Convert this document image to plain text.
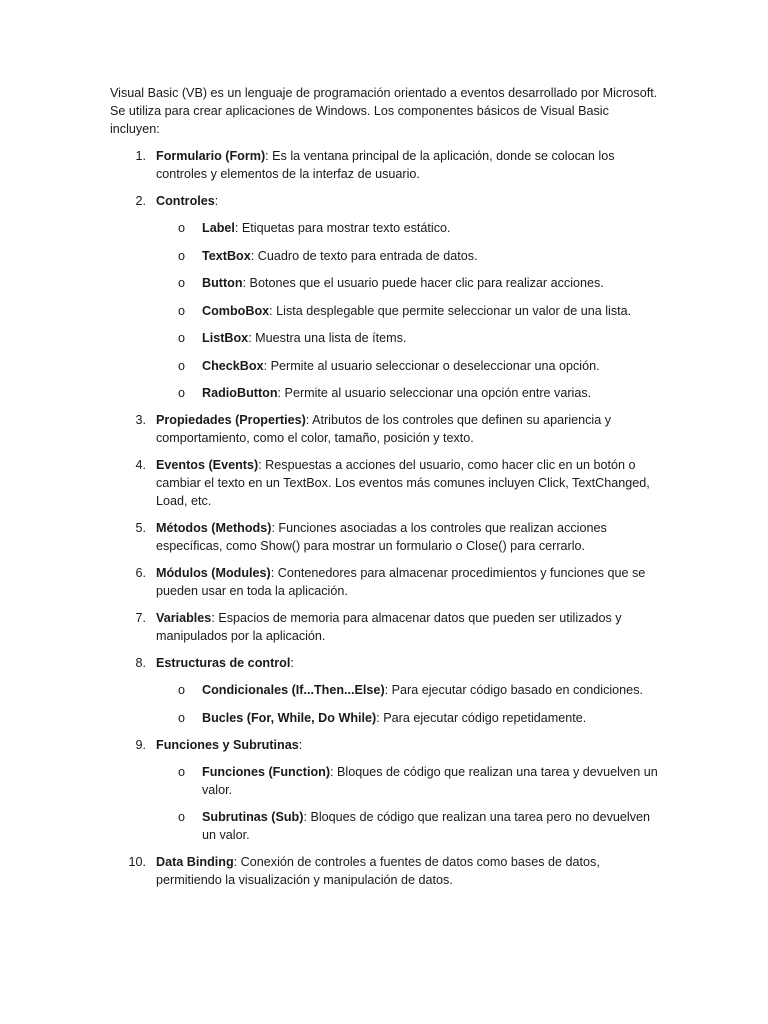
Visual Basic (VB) es un lenguaje de programación orientado a eventos desarrollado por Microsoft. Se utiliza para crear aplicaciones de Windows. Los componentes básicos de Visual Basic incluyen:

1. Formulario (Form): Es la ventana principal de la aplicación, donde se colocan los controles y elementos de la interfaz de usuario.
2. Controles:
o Label: Etiquetas para mostrar texto estático.
o TextBox: Cuadro de texto para entrada de datos.
o Button: Botones que el usuario puede hacer clic para realizar acciones.
o ComboBox: Lista desplegable que permite seleccionar un valor de una lista.
o ListBox: Muestra una lista de ítems.
o CheckBox: Permite al usuario seleccionar o deseleccionar una opción.
o RadioButton: Permite al usuario seleccionar una opción entre varias.
3. Propiedades (Properties): Atributos de los controles que definen su apariencia y comportamiento, como el color, tamaño, posición y texto.
4. Eventos (Events): Respuestas a acciones del usuario, como hacer clic en un botón o cambiar el texto en un TextBox. Los eventos más comunes incluyen Click, TextChanged, Load, etc.
5. Métodos (Methods): Funciones asociadas a los controles que realizan acciones específicas, como Show() para mostrar un formulario o Close() para cerrarlo.
6. Módulos (Modules): Contenedores para almacenar procedimientos y funciones que se pueden usar en toda la aplicación.
7. Variables: Espacios de memoria para almacenar datos que pueden ser utilizados y manipulados por la aplicación.
8. Estructuras de control:
o Condicionales (If...Then...Else): Para ejecutar código basado en condiciones.
o Bucles (For, While, Do While): Para ejecutar código repetidamente.
9. Funciones y Subrutinas:
o Funciones (Function): Bloques de código que realizan una tarea y devuelven un valor.
o Subrutinas (Sub): Bloques de código que realizan una tarea pero no devuelven un valor.
10. Data Binding: Conexión de controles a fuentes de datos como bases de datos, permitiendo la visualización y manipulación de datos.
